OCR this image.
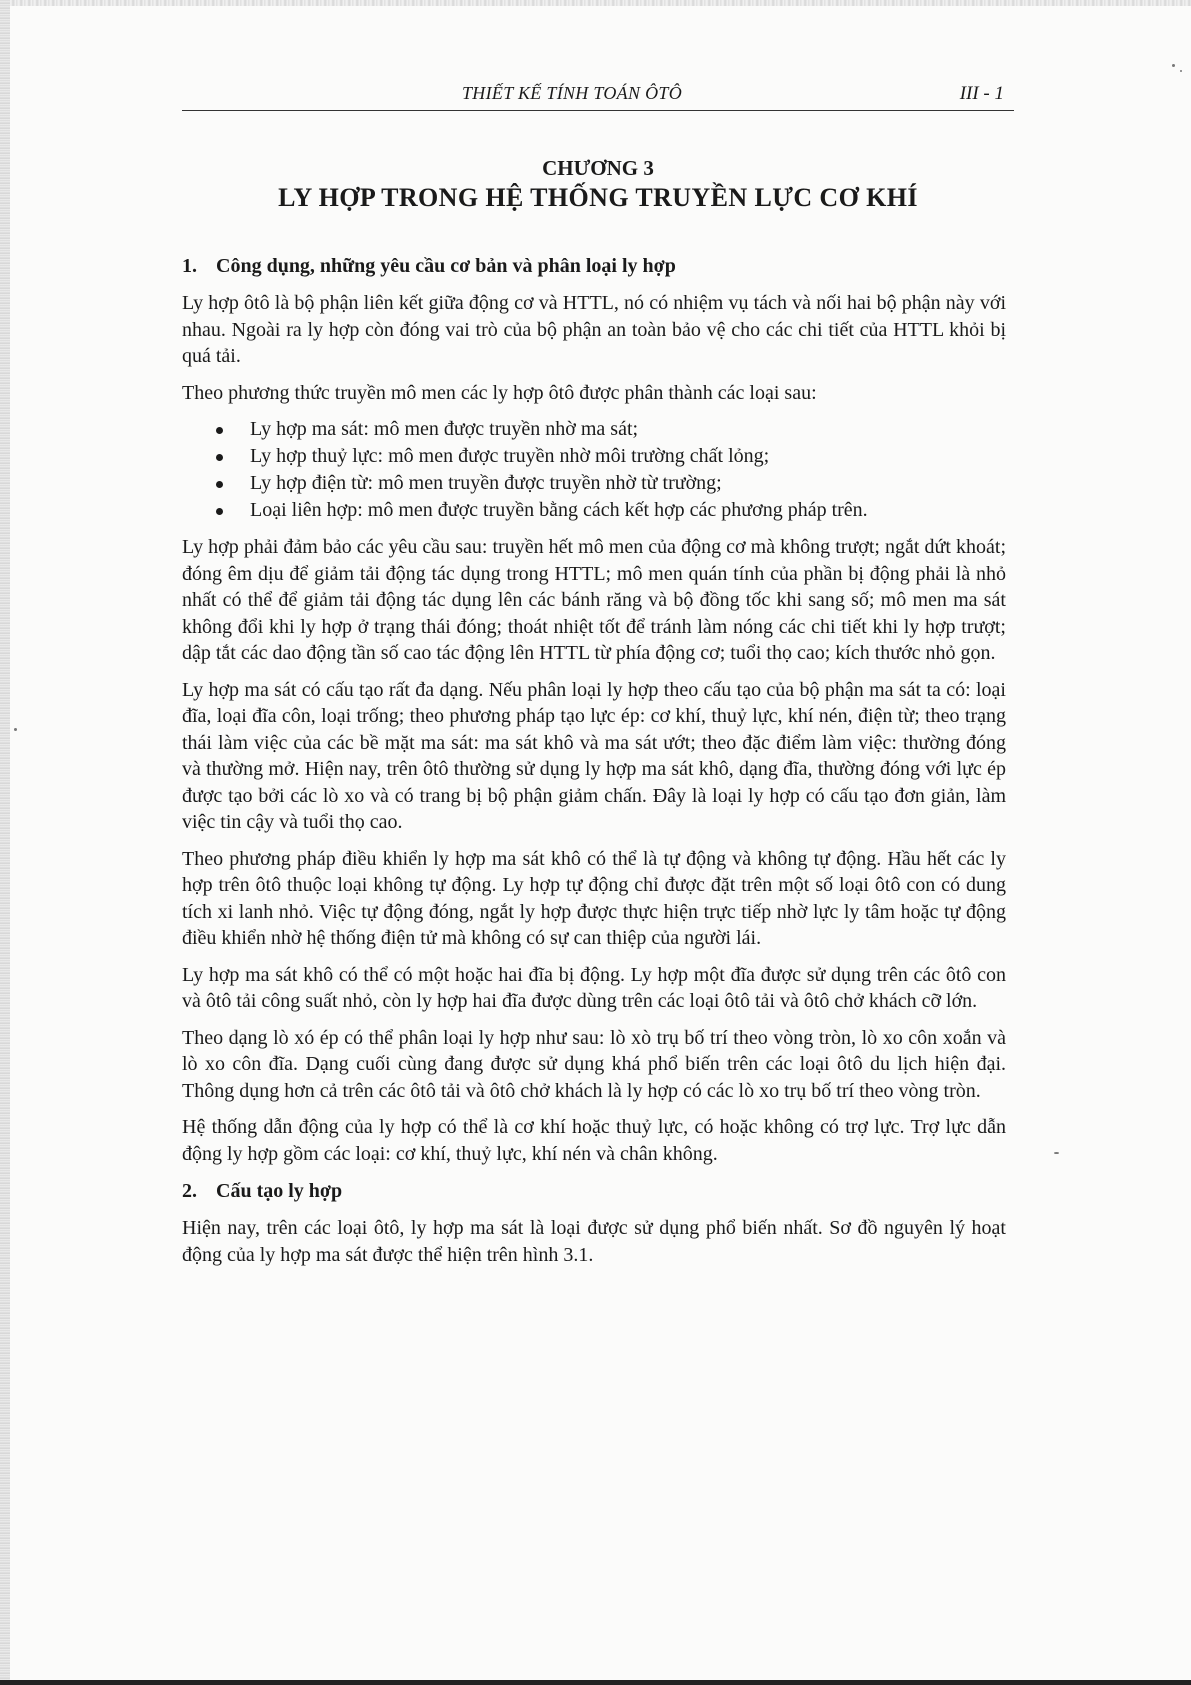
THIẾT KẾ TÍNH TOÁN ÔTÔ	III - 1
CHƯƠNG 3
LY HỢP TRONG HỆ THỐNG TRUYỀN LỰC CƠ KHÍ
1. Công dụng, những yêu cầu cơ bản và phân loại ly hợp

Ly hợp ôtô là bộ phận liên kết giữa động cơ và HTTL, nó có nhiệm vụ tách và nối hai bộ phận này với nhau. Ngoài ra ly hợp còn đóng vai trò của bộ phận an toàn bảo vệ cho các chi tiết của HTTL khỏi bị quá tải.

Theo phương thức truyền mô men các ly hợp ôtô được phân thành các loại sau:

Ly hợp ma sát: mô men được truyền nhờ ma sát;
Ly hợp thuỷ lực: mô men được truyền nhờ môi trường chất lỏng;
Ly hợp điện từ: mô men truyền được truyền nhờ từ trường;
Loại liên hợp: mô men được truyền bằng cách kết hợp các phương pháp trên.

Ly hợp phải đảm bảo các yêu cầu sau: truyền hết mô men của động cơ mà không trượt; ngắt dứt khoát; đóng êm dịu để giảm tải động tác dụng trong HTTL; mô men quán tính của phần bị động phải là nhỏ nhất có thể để giảm tải động tác dụng lên các bánh răng và bộ đồng tốc khi sang số; mô men ma sát không đổi khi ly hợp ở trạng thái đóng; thoát nhiệt tốt để tránh làm nóng các chi tiết khi ly hợp trượt; dập tắt các dao động tần số cao tác động lên HTTL từ phía động cơ; tuổi thọ cao; kích thước nhỏ gọn.

Ly hợp ma sát có cấu tạo rất đa dạng. Nếu phân loại ly hợp theo cấu tạo của bộ phận ma sát ta có: loại đĩa, loại đĩa côn, loại trống; theo phương pháp tạo lực ép: cơ khí, thuỷ lực, khí nén, điện từ; theo trạng thái làm việc của các bề mặt ma sát: ma sát khô và ma sát ướt; theo đặc điểm làm việc: thường đóng và thường mở. Hiện nay, trên ôtô thường sử dụng ly hợp ma sát khô, dạng đĩa, thường đóng với lực ép được tạo bởi các lò xo và có trang bị bộ phận giảm chấn. Đây là loại ly hợp có cấu tạo đơn giản, làm việc tin cậy và tuổi thọ cao.

Theo phương pháp điều khiển ly hợp ma sát khô có thể là tự động và không tự động. Hầu hết các ly hợp trên ôtô thuộc loại không tự động. Ly hợp tự động chỉ được đặt trên một số loại ôtô con có dung tích xi lanh nhỏ. Việc tự động đóng, ngắt ly hợp được thực hiện trực tiếp nhờ lực ly tâm hoặc tự động điều khiển nhờ hệ thống điện tử mà không có sự can thiệp của người lái.

Ly hợp ma sát khô có thể có một hoặc hai đĩa bị động. Ly hợp một đĩa được sử dụng trên các ôtô con và ôtô tải công suất nhỏ, còn ly hợp hai đĩa được dùng trên các loại ôtô tải và ôtô chở khách cỡ lớn.

Theo dạng lò xó ép có thể phân loại ly hợp như sau: lò xò trụ bố trí theo vòng tròn, lò xo côn xoắn và lò xo côn đĩa. Dạng cuối cùng đang được sử dụng khá phổ biến trên các loại ôtô du lịch hiện đại. Thông dụng hơn cả trên các ôtô tải và ôtô chở khách là ly hợp có các lò xo trụ bố trí theo vòng tròn.

Hệ thống dẫn động của ly hợp có thể là cơ khí hoặc thuỷ lực, có hoặc không có trợ lực. Trợ lực dẫn động ly hợp gồm các loại: cơ khí, thuỷ lực, khí nén và chân không.

2. Cấu tạo ly hợp

Hiện nay, trên các loại ôtô, ly hợp ma sát là loại được sử dụng phổ biến nhất. Sơ đồ nguyên lý hoạt động của ly hợp ma sát được thể hiện trên hình 3.1.
